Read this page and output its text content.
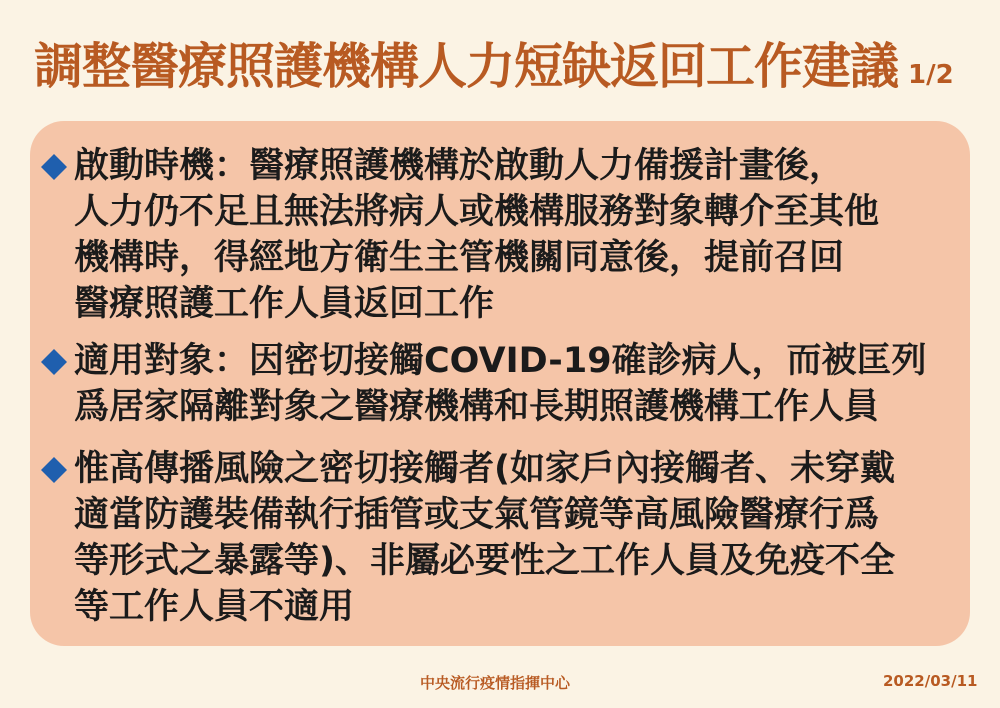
調整醫療照護機構人力短缺返回工作建議 1/2
啟動時機：醫療照護機構於啟動人力備援計畫後，
人力仍不足且無法將病人或機構服務對象轉介至其他
機構時，得經地方衛生主管機關同意後，提前召回
醫療照護工作人員返回工作
適用對象：因密切接觸COVID-19確診病人，而被匡列
爲居家隔離對象之醫療機構和長期照護機構工作人員
惟高傳播風險之密切接觸者(如家戶內接觸者、未穿戴
適當防護裝備執行插管或支氣管鏡等高風險醫療行爲
等形式之暴露等)、非屬必要性之工作人員及免疫不全
等工作人員不適用
中央流行疫情指揮中心	2022/03/11
